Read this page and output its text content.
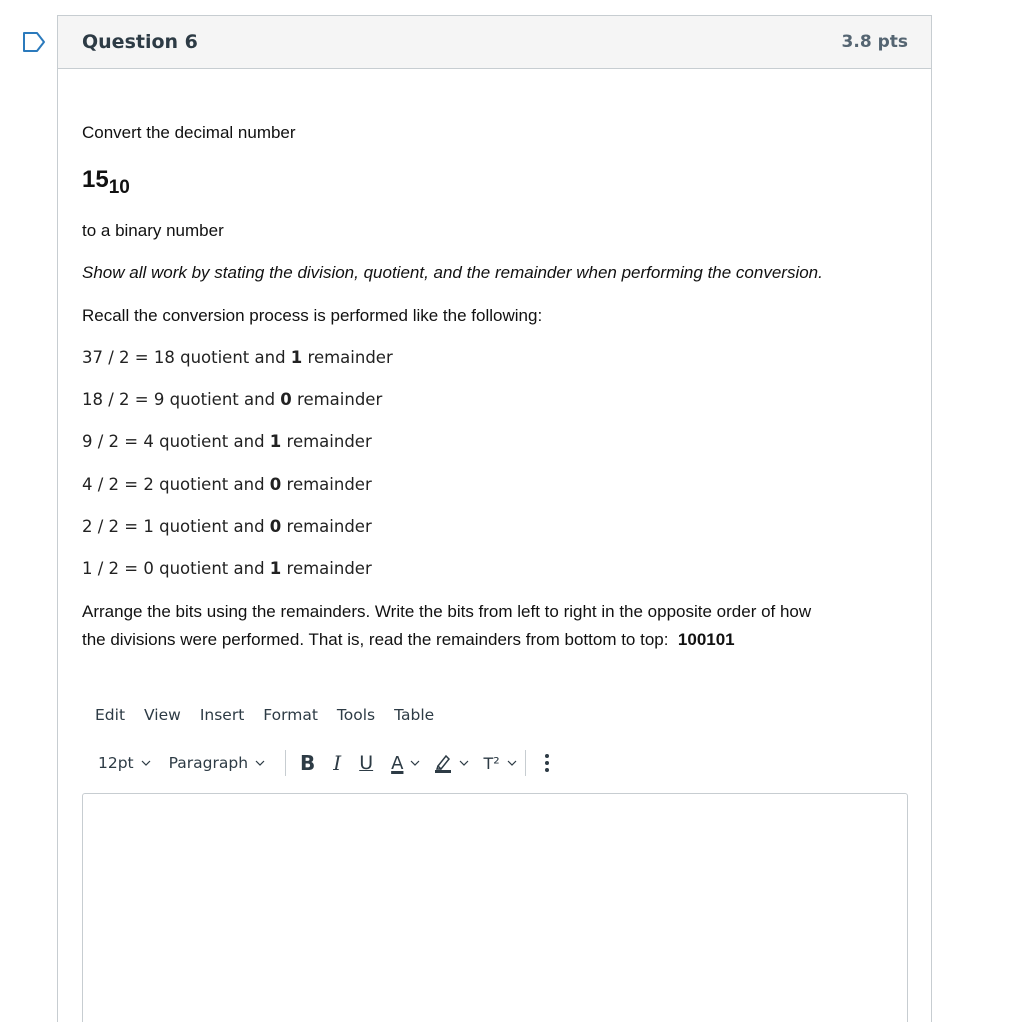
Question 6	3.8 pts

Convert the decimal number

$15_{10}$

to a binary number

Show all work by stating the division, quotient, and the remainder when performing the conversion.

Recall the conversion process is performed like the following:

37 / 2 = 18 quotient and 1 remainder

18 / 2 = 9 quotient and 0 remainder

9 / 2 = 4 quotient and 1 remainder

4 / 2 = 2 quotient and 0 remainder

2 / 2 = 1 quotient and 0 remainder

1 / 2 = 0 quotient and 1 remainder

Arrange the bits using the remainders. Write the bits from left to right in the opposite order of how

the divisions were performed. That is, read the remainders from bottom to top:  100101

Edit View Insert Format Tools Table
12pt Paragraph	B I U A	T²
